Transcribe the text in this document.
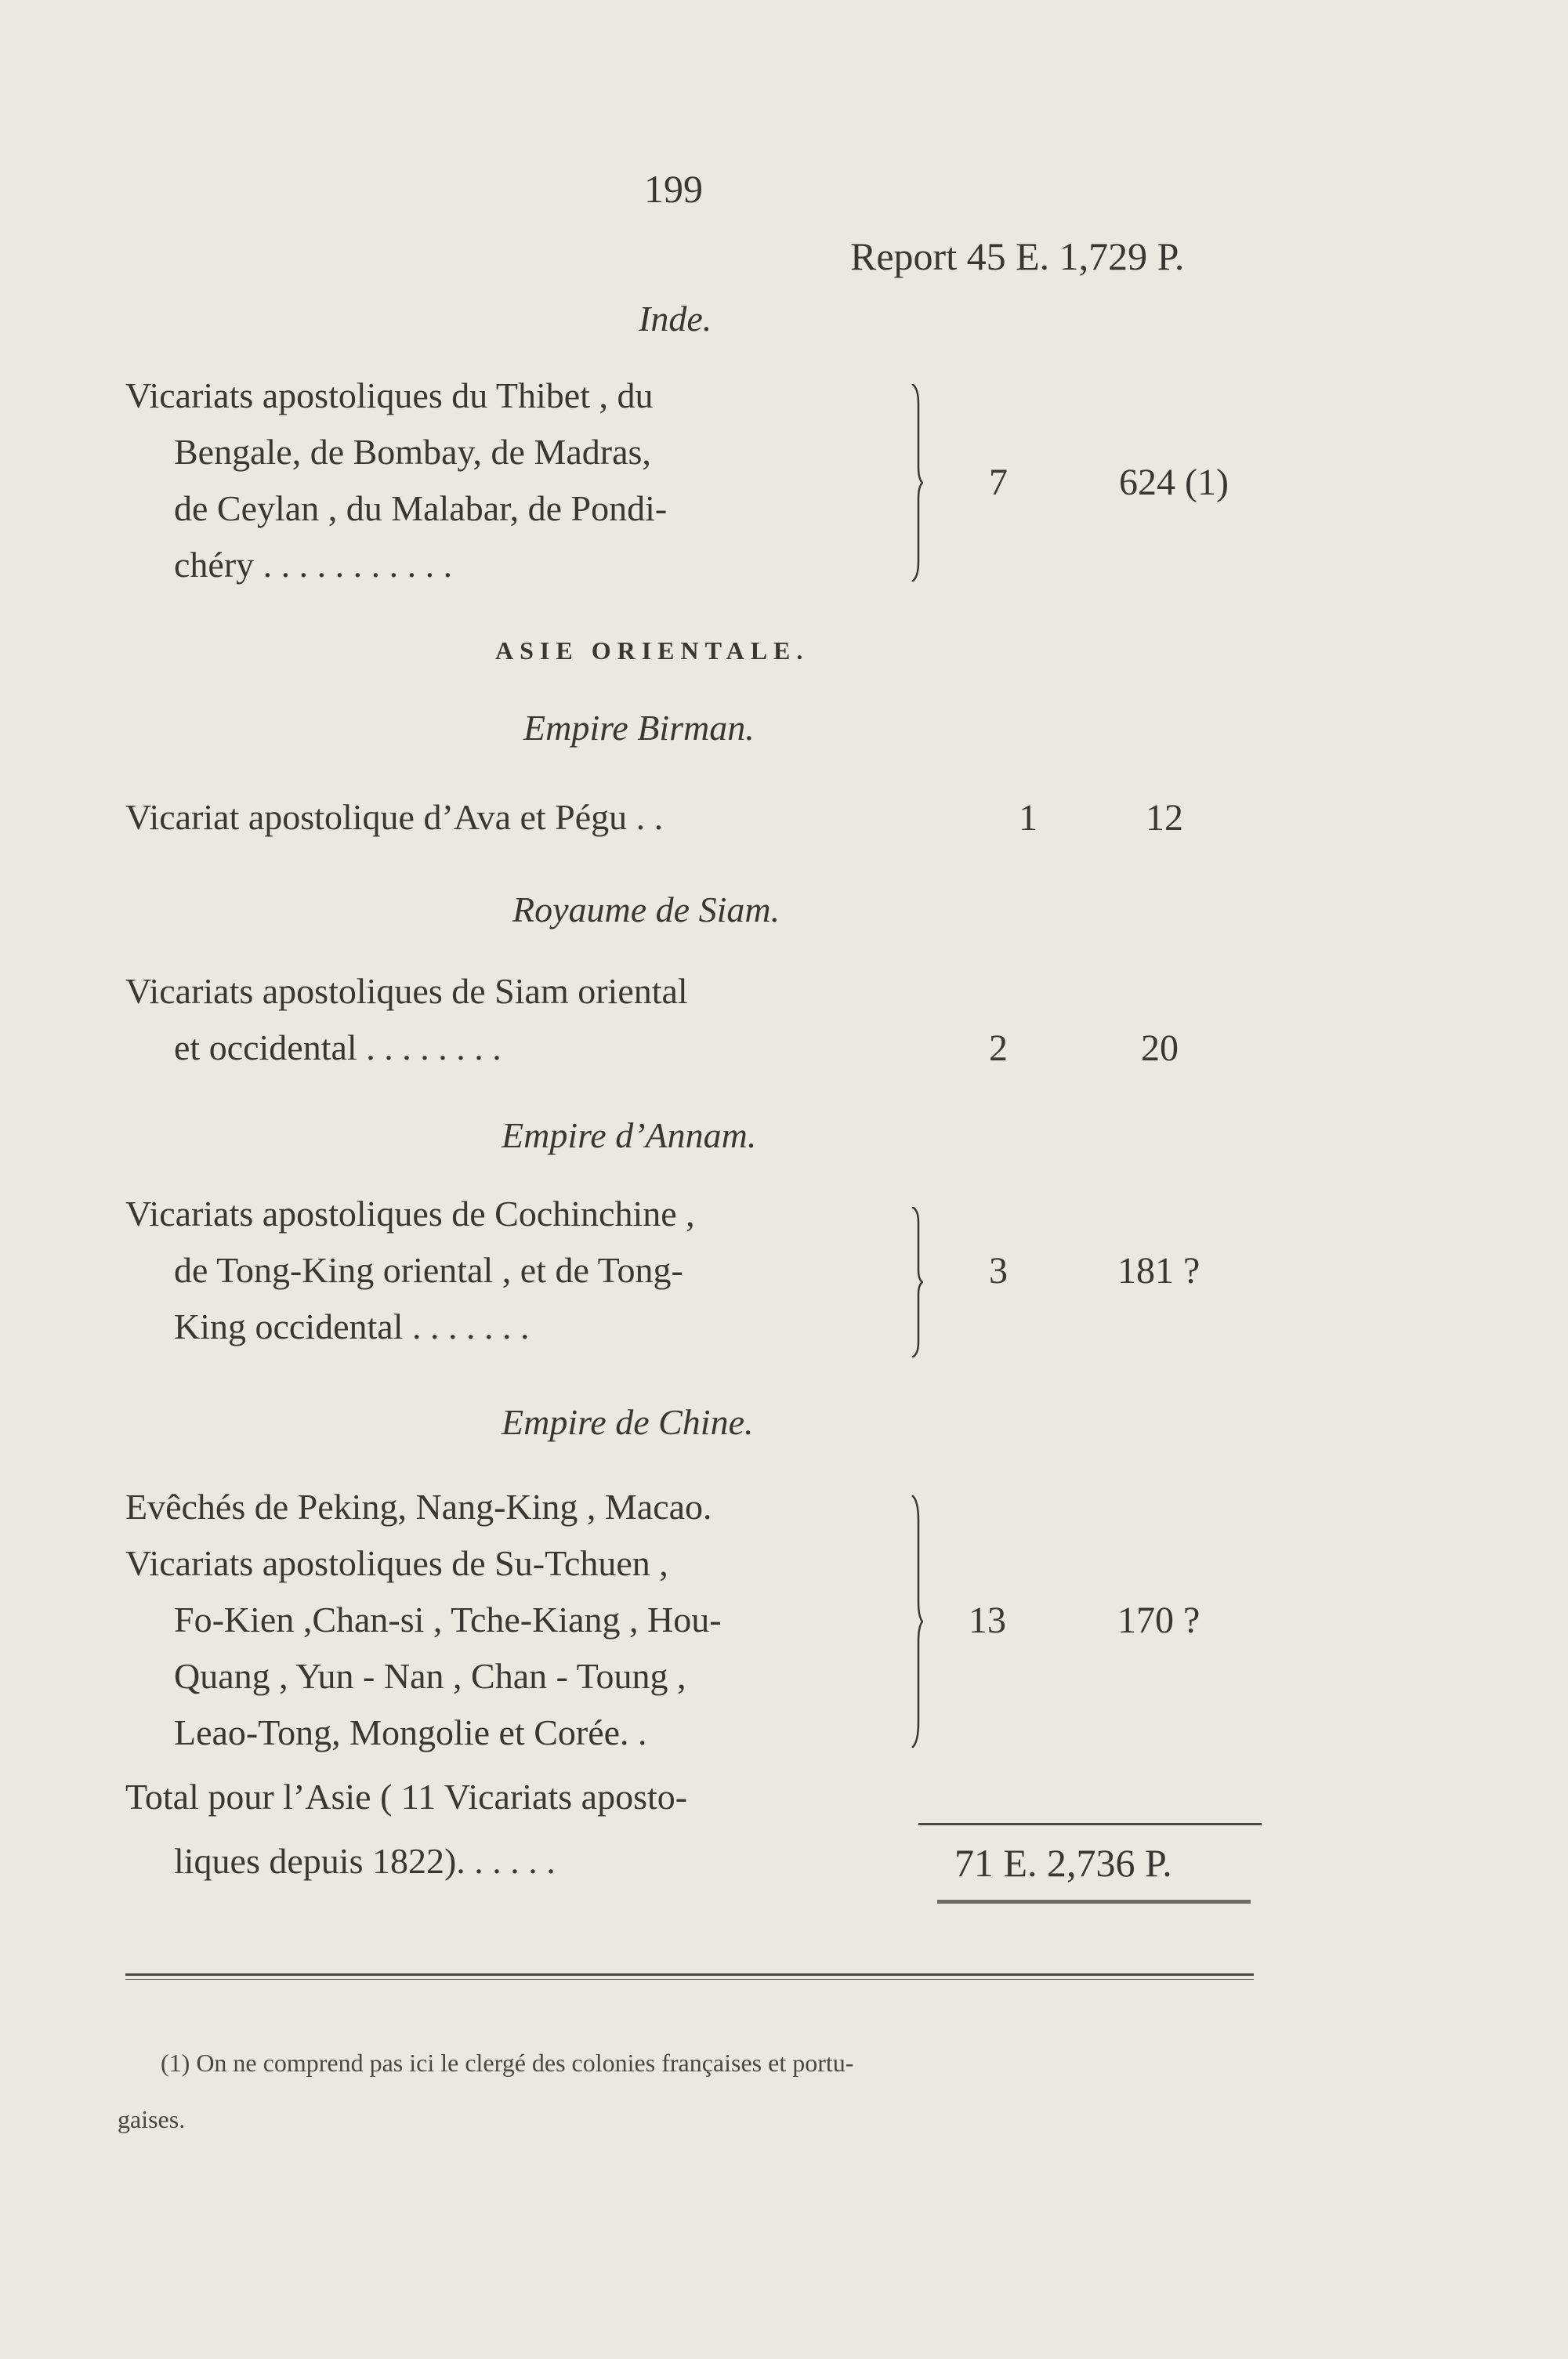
199
Report 45 E. 1,729 P.
Inde.
Vicariats apostoliques du Thibet , du
Bengale, de Bombay, de Madras,
de Ceylan , du Malabar, de Pondi-
chéry . . . . . . . . . . .
7	624 (1)
ASIE ORIENTALE.
Empire Birman.
Vicariat apostolique d’Ava et Pégu . .	1	12
Royaume de Siam.
Vicariats apostoliques de Siam oriental
et occidental . . . . . . . .	2	20
Empire d’Annam.
Vicariats apostoliques de Cochinchine ,
de Tong-King oriental , et de Tong-
King occidental . . . . . . .
3	181 ?
Empire de Chine.
Evêchés de Peking, Nang-King , Macao.
Vicariats apostoliques de Su-Tchuen ,
Fo-Kien ,Chan-si , Tche-Kiang , Hou-
Quang , Yun - Nan , Chan - Toung ,
Leao-Tong, Mongolie et Corée. .
13	170 ?
Total pour l’Asie ( 11 Vicariats aposto-
liques depuis 1822). . . . . .	71 E. 2,736 P.
(1) On ne comprend pas ici le clergé des colonies françaises et portu-
gaises.
